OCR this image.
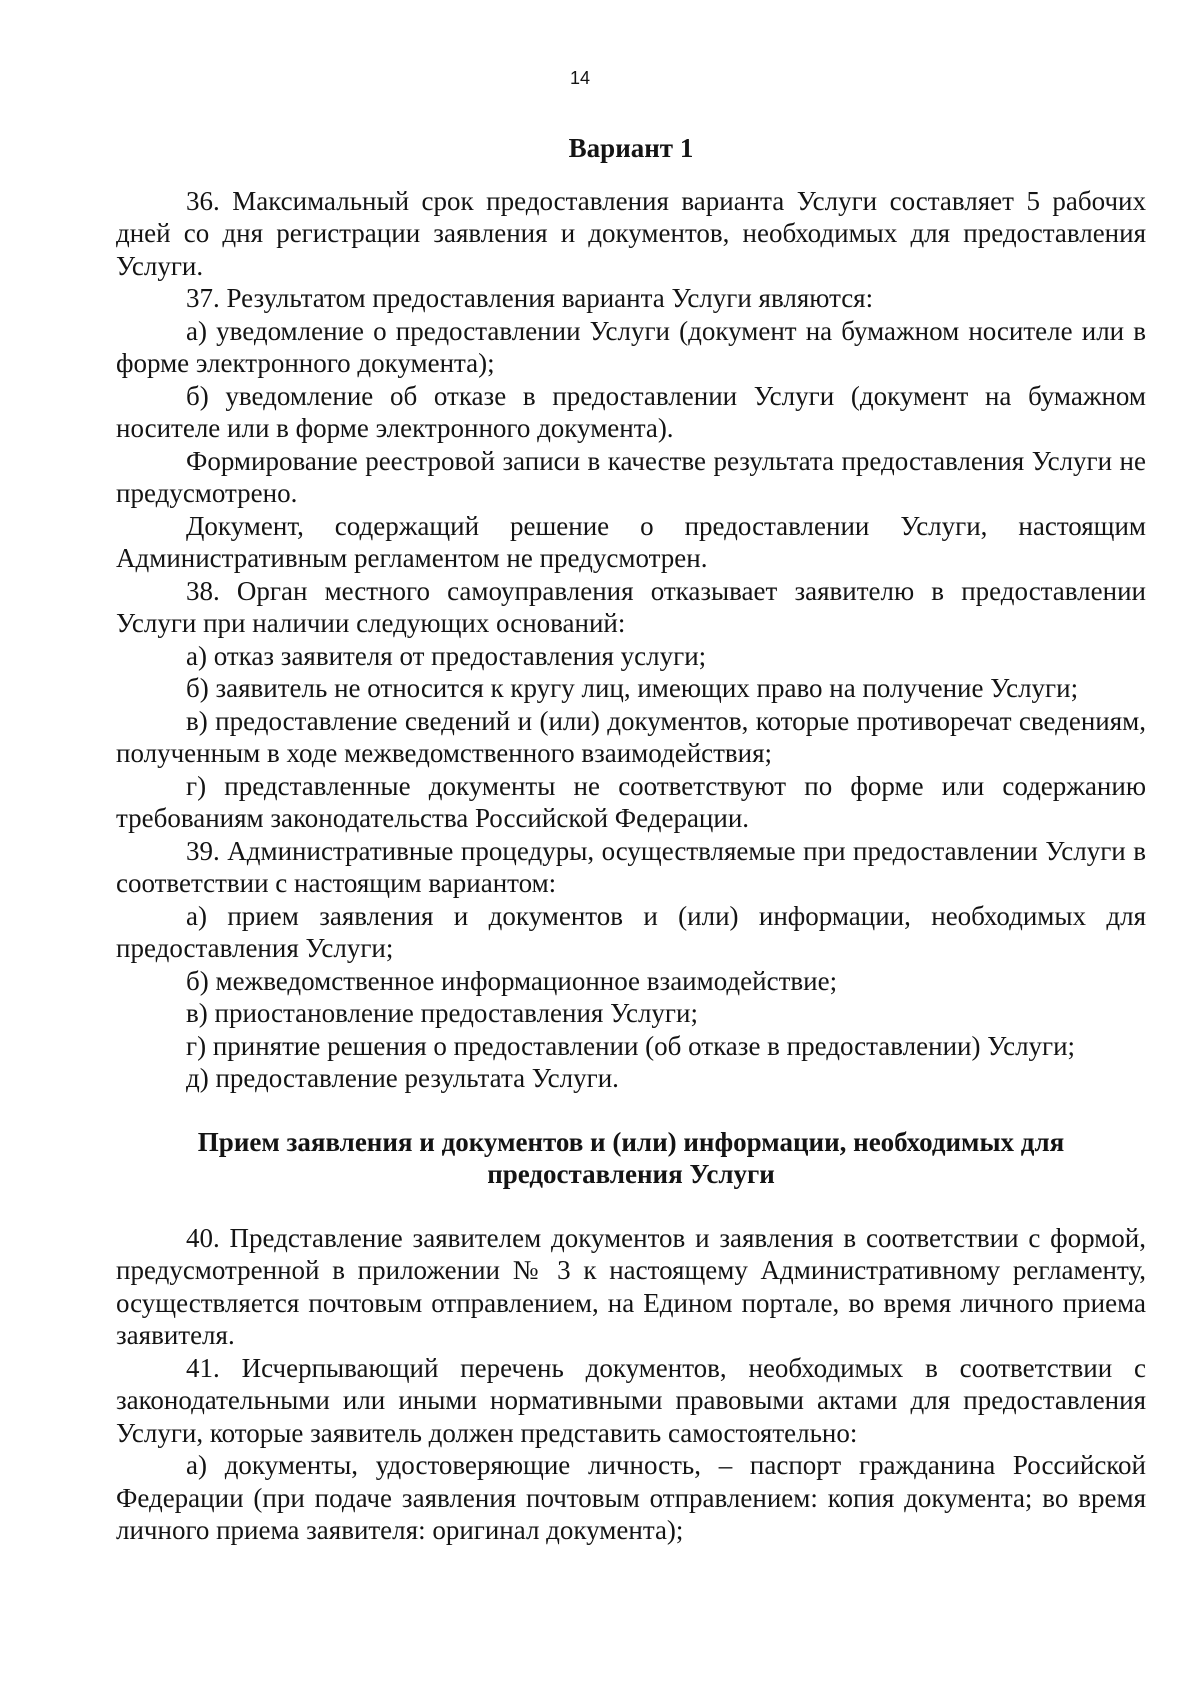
14

Вариант 1

36. Максимальный срок предоставления варианта Услуги составляет 5 рабочих дней со дня регистрации заявления и документов, необходимых для предоставления Услуги.

37. Результатом предоставления варианта Услуги являются:

а) уведомление о предоставлении Услуги (документ на бумажном носителе или в форме электронного документа);

б) уведомление об отказе в предоставлении Услуги (документ на бумажном носителе или в форме электронного документа).

Формирование реестровой записи в качестве результата предоставления Услуги не предусмотрено.

Документ, содержащий решение о предоставлении Услуги, настоящим Административным регламентом не предусмотрен.

38. Орган местного самоуправления отказывает заявителю в предоставлении Услуги при наличии следующих оснований:

а) отказ заявителя от предоставления услуги;

б) заявитель не относится к кругу лиц, имеющих право на получение Услуги;

в) предоставление сведений и (или) документов, которые противоречат сведениям, полученным в ходе межведомственного взаимодействия;

г) представленные документы не соответствуют по форме или содержанию требованиям законодательства Российской Федерации.

39. Административные процедуры, осуществляемые при предоставлении Услуги в соответствии с настоящим вариантом:

а) прием заявления и документов и (или) информации, необходимых для предоставления Услуги;

б) межведомственное информационное взаимодействие;

в) приостановление предоставления Услуги;

г) принятие решения о предоставлении (об отказе в предоставлении) Услуги;

д) предоставление результата Услуги.

Прием заявления и документов и (или) информации, необходимых для
предоставления Услуги

40. Представление заявителем документов и заявления в соответствии с формой, предусмотренной в приложении № 3 к настоящему Административному регламенту, осуществляется почтовым отправлением, на Едином портале, во время личного приема заявителя.

41. Исчерпывающий перечень документов, необходимых в соответствии с законодательными или иными нормативными правовыми актами для предоставления Услуги, которые заявитель должен представить самостоятельно:

а) документы, удостоверяющие личность, – паспорт гражданина Российской Федерации (при подаче заявления почтовым отправлением: копия документа; во время личного приема заявителя: оригинал документа);
